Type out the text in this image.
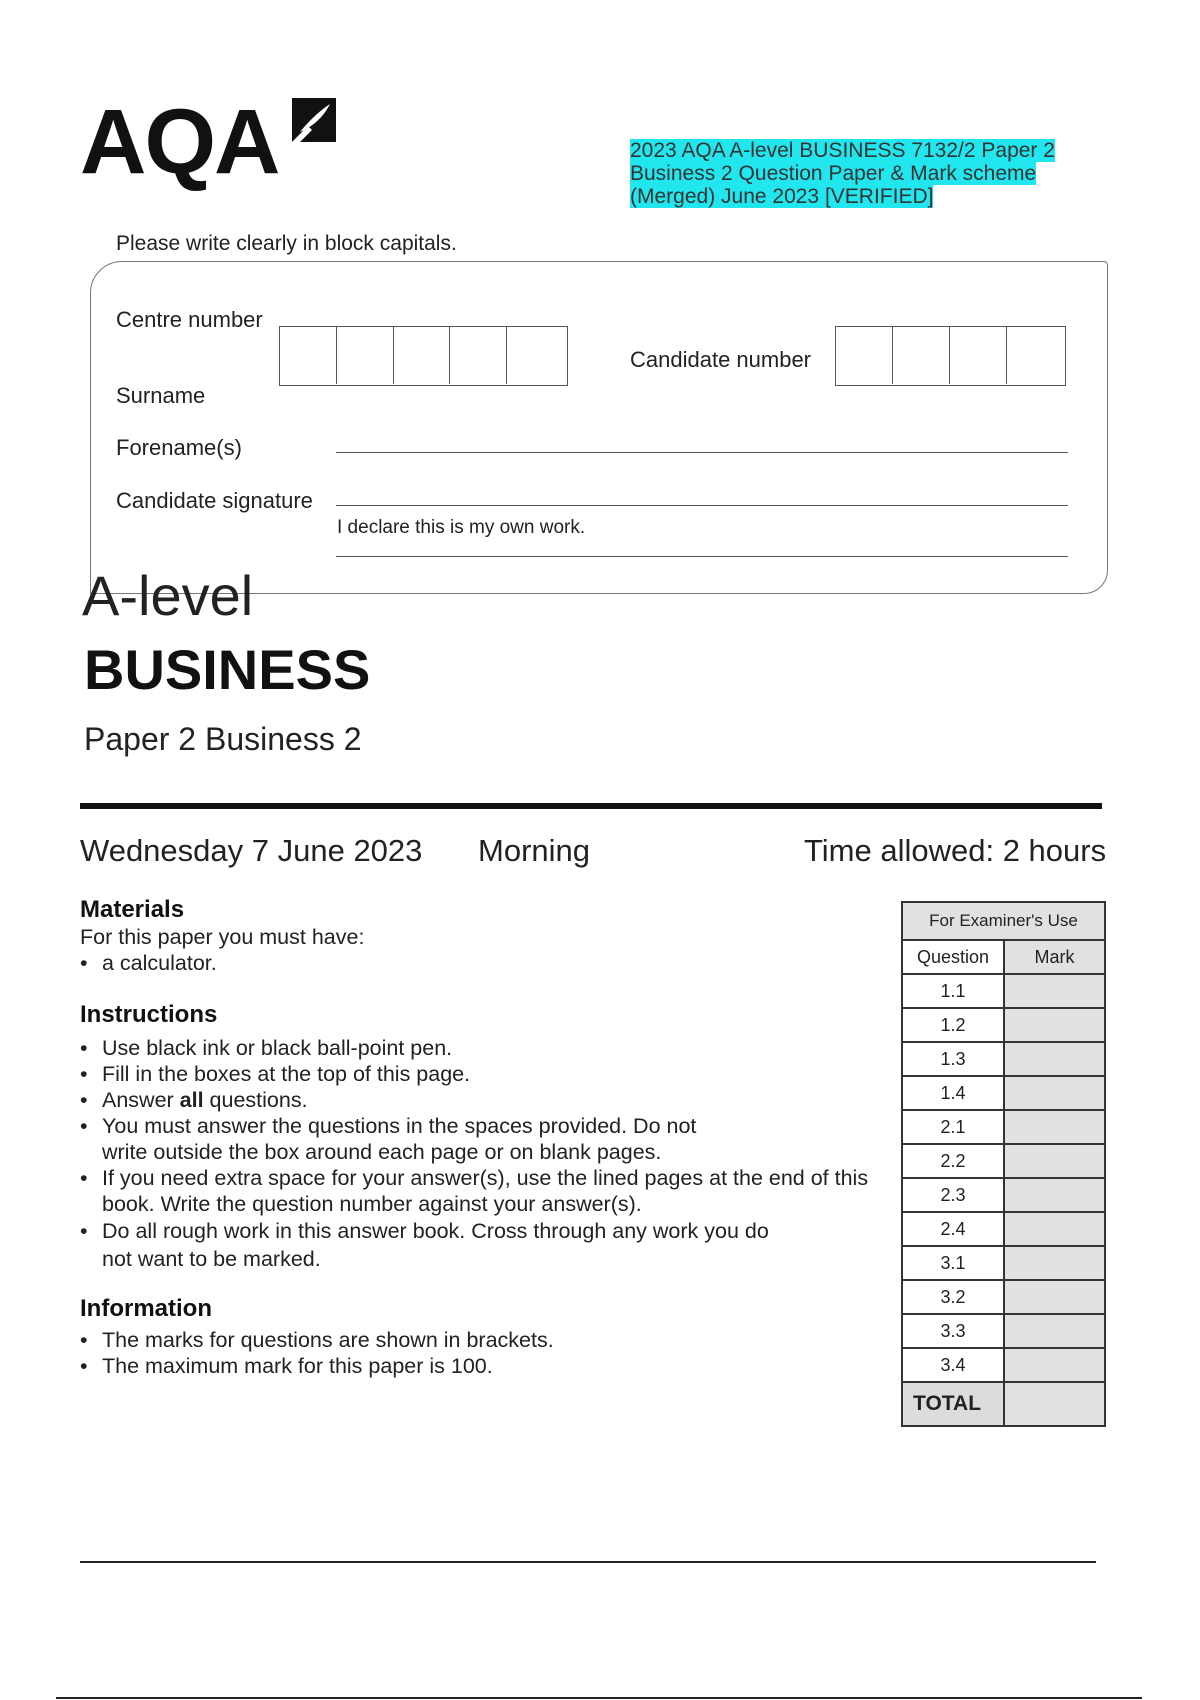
AQA	2023 AQA A-level BUSINESS 7132/2 Paper 2
Business 2 Question Paper & Mark scheme
(Merged) June 2023 [VERIFIED]
Please write clearly in block capitals.
Centre number
Candidate number
Surname
Forename(s)
Candidate signature
I declare this is my own work.
A-level
BUSINESS
Paper 2 Business 2
Wednesday 7 June 2023 Morning	Time allowed: 2 hours
Materials
For this paper you must have:
• a calculator.
Instructions
• Use black ink or black ball-point pen.
• Fill in the boxes at the top of this page.
• Answer all questions.
• You must answer the questions in the spaces provided. Do not write outside the box around each page or on blank pages.
• If you need extra space for your answer(s), use the lined pages at the end of this book. Write the question number against your answer(s).
• Do all rough work in this answer book. Cross through any work you do not want to be marked.
Information
• The marks for questions are shown in brackets.
• The maximum mark for this paper is 100.
For Examiner's Use	
Question	Mark
1.1	
1.2	
1.3	
1.4	
2.1	
2.2	
2.3	
2.4	
3.1	
3.2	
3.3	
3.4	
TOTAL	
